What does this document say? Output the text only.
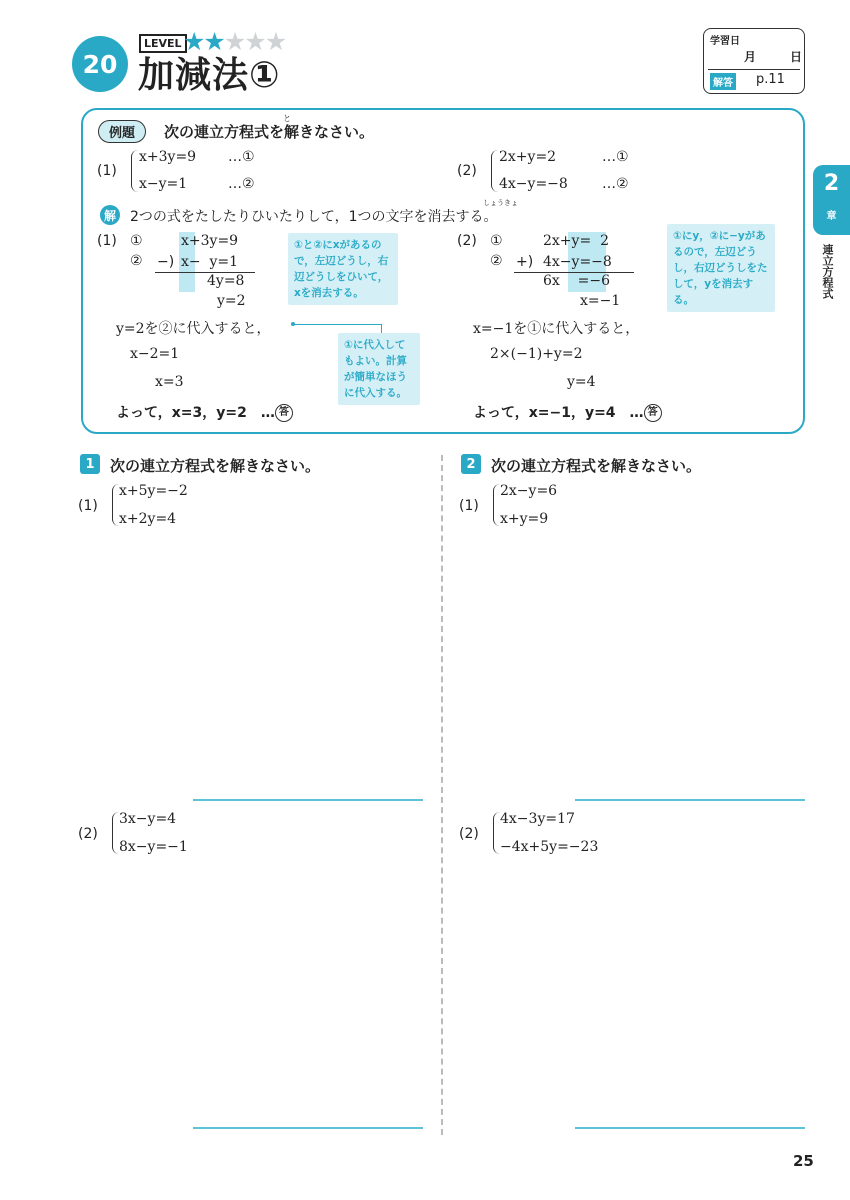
20
LEVEL ★★★★★
加減法①
学習日
月	日
解答 p.11
例題
と
次の連立方程式を解きなさい。
(1)
x+3y=9 …①
x−y=1	…②
(2)
2x+y=2	…①
4x−y=−8 …②
解
しょうきょ
2つの式をたしたりひいたりして，1つの文字を消去する。
(1) ①
②
x+3y=9
−) x−  y=1
4y=8
y=2
①と②にxがあるので，左辺どうし，右辺どうしをひいて，xを消去する。
y=2を②に代入すると，
①に代入してもよい。計算が簡単なほうに代入する。
x−2=1
x=3
よって，x=3，y=2　… 答
(2) ①
②
2x+y=  2
+) 4x−y=−8
6x    =−6
x=−1
①にy，②に−yがあるので，左辺どうし，右辺どうしをたして，yを消去する。
x=−1を①に代入すると，
2×(−1)+y=2
y=4
よって，x=−1，y=4　… 答
2
章
連立方程式
1	次の連立方程式を解きなさい。
(1)
x+5y=−2
x+2y=4
(2)
3x−y=4
8x−y=−1
2	次の連立方程式を解きなさい。
(1)
2x−y=6
x+y=9
(2)
4x−3y=17
−4x+5y=−23
25
